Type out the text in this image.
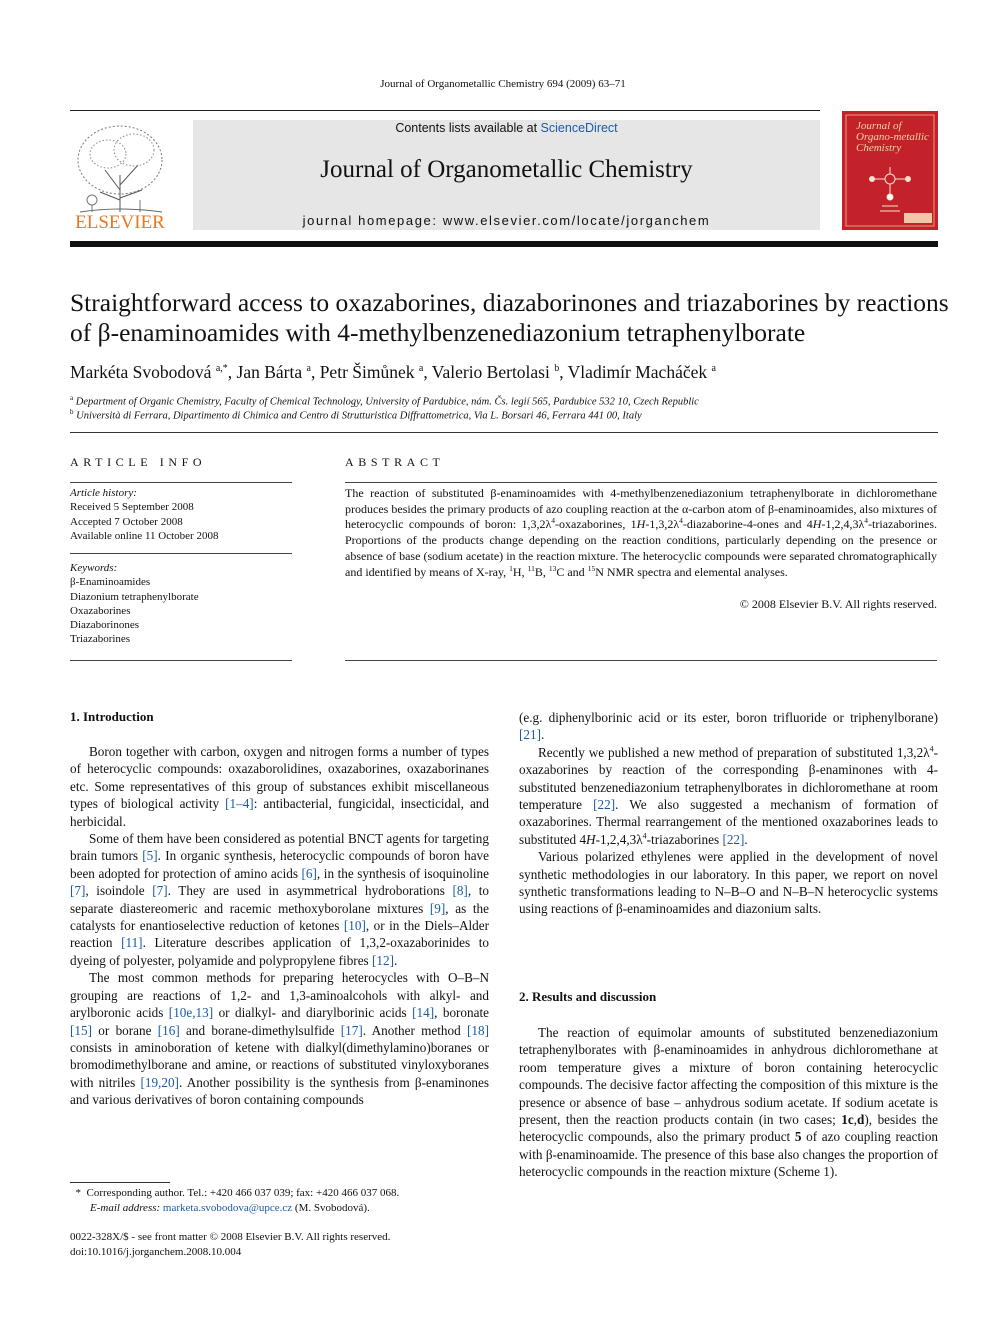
Journal of Organometallic Chemistry 694 (2009) 63–71
ELSEVIER
Contents lists available at ScienceDirect
Journal of Organometallic Chemistry
journal homepage: www.elsevier.com/locate/jorganchem
Journal of Organo-metallic Chemistry
Straightforward access to oxazaborines, diazaborinones and triazaborines by reactions of β-enaminoamides with 4-methylbenzenediazonium tetraphenylborate
Markéta Svobodová $^{a,*}$, Jan Bárta $^a$, Petr Šimůnek $^a$, Valerio Bertolasi $^b$, Vladimír Macháček $^a$
$^a$ Department of Organic Chemistry, Faculty of Chemical Technology, University of Pardubice, nám. Čs. legií 565, Pardubice 532 10, Czech Republic
$^b$ Università di Ferrara, Dipartimento di Chimica and Centro di Strutturistica Diffrattometrica, Via L. Borsari 46, Ferrara 441 00, Italy
ARTICLE INFO	ABSTRACT
Article history:
Received 5 September 2008
Accepted 7 October 2008
Available online 11 October 2008
Keywords:
β-Enaminoamides
Diazonium tetraphenylborate
Oxazaborines
Diazaborinones
Triazaborines
The reaction of substituted β-enaminoamides with 4-methylbenzenediazonium tetraphenylborate in dichloromethane produces besides the primary products of azo coupling reaction at the α-carbon atom of β-enaminoamides, also mixtures of heterocyclic compounds of boron: $1,3,2\lambda^4$-oxazaborines, $1H-1,3,2\lambda^4-diazaborine-4$-ones and $4H-1,2,4,3\lambda^4$-triazaborines. Proportions of the products change depending on the reaction conditions, particularly depending on the presence or absence of base (sodium acetate) in the reaction mixture. The heterocyclic compounds were separated chromatographically and identified by means of X-ray, $^1$H, $^{11}$B, $^{13}$C and $^{15}$N NMR spectra and elemental analyses.
© 2008 Elsevier B.V. All rights reserved.
1. Introduction
2. Results and discussion

Boron together with carbon, oxygen and nitrogen forms a number of types of heterocyclic compounds: oxazaborolidines, oxazaborines, oxazaborinanes etc. Some representatives of this group of substances exhibit miscellaneous types of biological activity [1–4]: antibacterial, fungicidal, insecticidal, and herbicidal.

Some of them have been considered as potential BNCT agents for targeting brain tumors [5]. In organic synthesis, heterocyclic compounds of boron have been adopted for protection of amino acids [6], in the synthesis of isoquinoline [7], isoindole [7]. They are used in asymmetrical hydroborations [8], to separate diastereomeric and racemic methoxyborolane mixtures [9], as the catalysts for enantioselective reduction of ketones [10], or in the Diels–Alder reaction [11]. Literature describes application of 1,3,2-oxazaborinides to dyeing of polyester, polyamide and polypropylene fibres [12].

The most common methods for preparing heterocycles with O–B–N grouping are reactions of 1,2- and 1,3-aminoalcohols with alkyl- and arylboronic acids [10e,13] or dialkyl- and diarylborinic acids [14], boronate [15] or borane [16] and borane-dimethylsulfide [17]. Another method [18] consists in aminoboration of ketene with dialkyl(dimethylamino)boranes or bromodimethylborane and amine, or reactions of substituted vinyloxyboranes with nitriles [19,20]. Another possibility is the synthesis from β-enaminones and various derivatives of boron containing compounds

(e.g. diphenylborinic acid or its ester, boron trifluoride or triphenylborane) [21].

Recently we published a new method of preparation of substituted $1,3,2\lambda^4$-oxazaborines by reaction of the corresponding β-enaminones with 4-substituted benzenediazonium tetraphenylborates in dichloromethane at room temperature [22]. We also suggested a mechanism of formation of oxazaborines. Thermal rearrangement of the mentioned oxazaborines leads to substituted $4H-1,2,4,3\lambda^4$-triazaborines [22].

Various polarized ethylenes were applied in the development of novel synthetic methodologies in our laboratory. In this paper, we report on novel synthetic transformations leading to N–B–O and N–B–N heterocyclic systems using reactions of β-enaminoamides and diazonium salts.

The reaction of equimolar amounts of substituted benzenediazonium tetraphenylborates with β-enaminoamides in anhydrous dichloromethane at room temperature gives a mixture of boron containing heterocyclic compounds. The decisive factor affecting the composition of this mixture is the presence or absence of base – anhydrous sodium acetate. If sodium acetate is present, then the reaction products contain (in two cases; 1c,d), besides the heterocyclic compounds, also the primary product 5 of azo coupling reaction with β-enaminoamide. The presence of this base also changes the proportion of heterocyclic compounds in the reaction mixture (Scheme 1).

*  Corresponding author. Tel.: +420 466 037 039; fax: +420 466 037 068.
E-mail address: marketa.svobodova@upce.cz (M. Svobodová).
0022-328X/$ - see front matter © 2008 Elsevier B.V. All rights reserved.
doi:10.1016/j.jorganchem.2008.10.004
